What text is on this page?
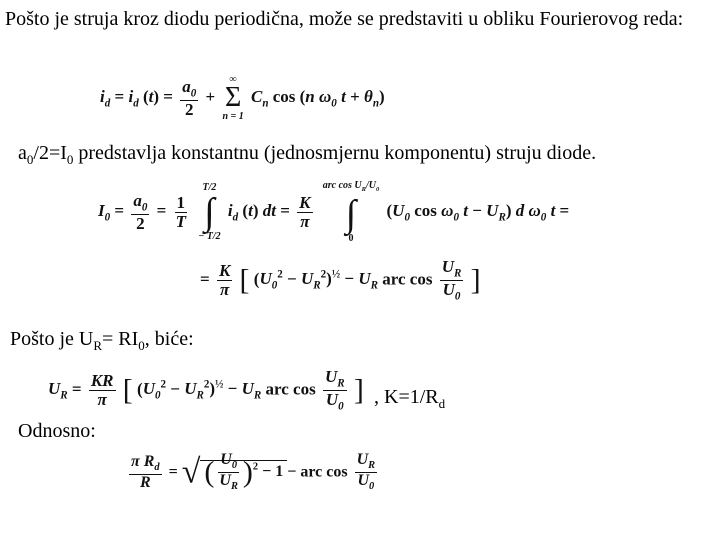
Pošto je struja kroz diodu periodična, može se predstaviti u obliku Fourierovog reda:
$i_d = i_d$ $(t) = \frac{a_0}{2}$ +
∞
Σ
n = 1
$C_n$ cos (n $\omega_0$ $t + \theta_n$)
$a_0/2=I_0$ predstavlja konstantnu (jednosmjernu komponentu) struju diode.
$I_0 = \frac{a_0}{2} = \frac{1}{T}$

T/2
∫
− T/2
$i_d$ (t) dt = $\frac{K}{\pi}$

arc $\cos U_R/U_0$
∫
0
($U_0$ $\cos \omega_0$ $t - U_R$) d $\omega_0$ t =
= $\frac{K}{\pi}$ [ $(U_0^2 - U_R^2)^{\frac{1}{2}} - U_R$ arc $\cos \frac{U_R}{U_0}$ ]
Pošto je $U_R= RI_0$, biće:
$U_R = \frac{KR}{\pi}$ [ $(U_0^2 - U_R^2)^{\frac{1}{2}} - U_R$ arc $\cos \frac{U_R}{U_0}$ ] , $K=1/R_d$
Odnosno:
$\frac{\pi R_d}{R}$ = √ ( $\frac{U_0}{U_R} )^2 - 1$ − arc $\cos \frac{U_R}{U_0}$
